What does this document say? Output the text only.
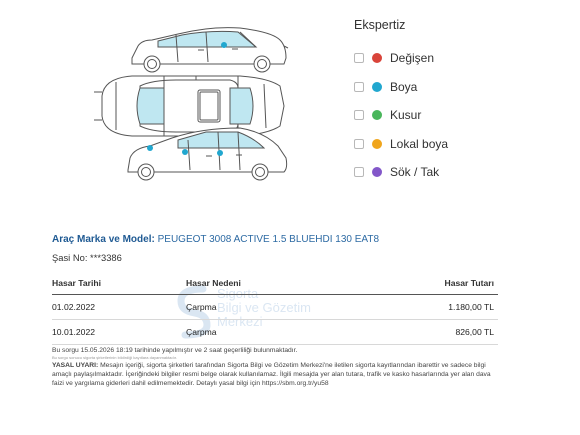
Ekspertiz
Değişen
Boya
Kusur
Lokal boya
Sök / Tak
Araç Marka ve Model: PEUGEOT 3008 ACTIVE 1.5 BLUEHDI 130 EAT8
Şasi No: ***3386
Sigorta
Bilgi ve Gözetim
Merkezi
Hasar Tarihi	Hasar Nedeni	Hasar Tutarı
01.02.2022	Çarpma	1.180,00 TL
10.01.2022	Çarpma	826,00 TL
Bu sorgu 15.05.2026 18:19 tarihinde yapılmıştır ve 2 saat geçerliliği bulunmaktadır.
Bu sorgu sonucu sigorta şirketlerinin bildirdiği kayıtlara dayanmaktadır.
YASAL UYARI: Mesajın içeriği, sigorta şirketleri tarafından Sigorta Bilgi ve Gözetim Merkezi'ne iletilen sigorta kayıtlarından ibarettir ve sadece bilgi amaçlı paylaşılmaktadır. İçeriğindeki bilgiler resmi belge olarak kullanılamaz. İlgili mesajda yer alan tutara, trafik ve kasko hasarlarında yer alan dava faizi ve yargılama giderleri dahil edilmemektedir. Detaylı yasal bilgi için https://sbm.org.tr/yu58
